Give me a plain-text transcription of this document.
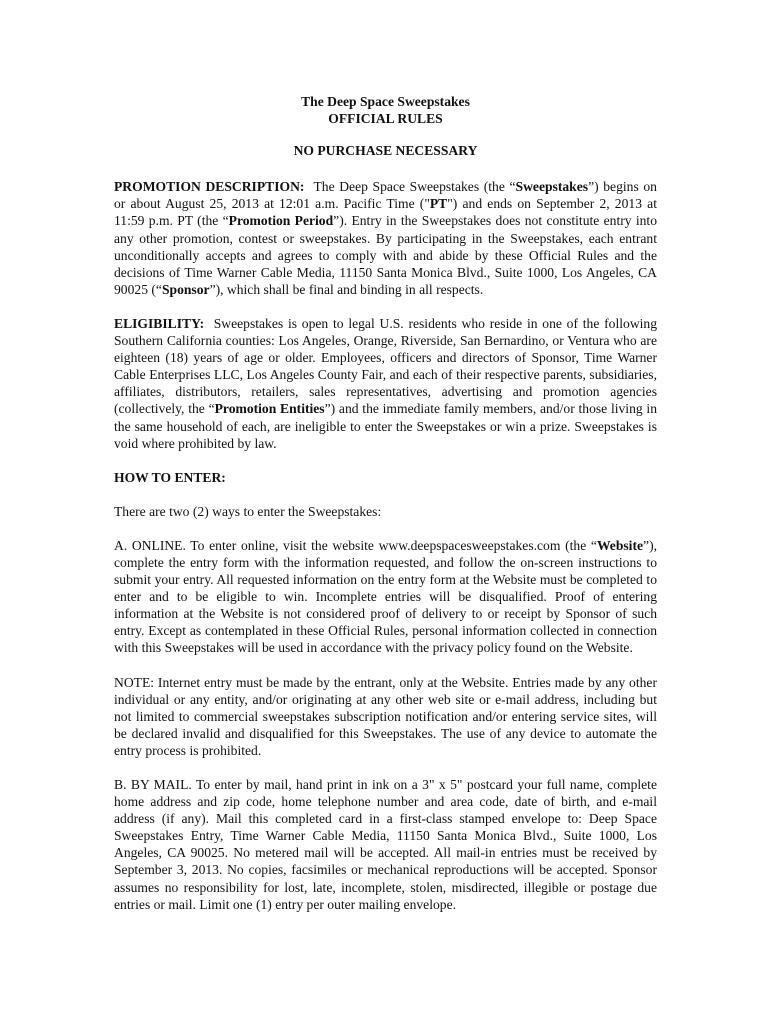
The Deep Space Sweepstakes
OFFICIAL RULES
NO PURCHASE NECESSARY

PROMOTION DESCRIPTION: The Deep Space Sweepstakes (the “Sweepstakes”) begins on or about August 25, 2013 at 12:01 a.m. Pacific Time ("PT") and ends on September 2, 2013 at 11:59 p.m. PT (the “Promotion Period”). Entry in the Sweepstakes does not constitute entry into any other promotion, contest or sweepstakes. By participating in the Sweepstakes, each entrant unconditionally accepts and agrees to comply with and abide by these Official Rules and the decisions of Time Warner Cable Media, 11150 Santa Monica Blvd., Suite 1000, Los Angeles, CA 90025 (“Sponsor”), which shall be final and binding in all respects.

ELIGIBILITY: Sweepstakes is open to legal U.S. residents who reside in one of the following Southern California counties: Los Angeles, Orange, Riverside, San Bernardino, or Ventura who are eighteen (18) years of age or older. Employees, officers and directors of Sponsor, Time Warner Cable Enterprises LLC, Los Angeles County Fair, and each of their respective parents, subsidiaries, affiliates, distributors, retailers, sales representatives, advertising and promotion agencies (collectively, the “Promotion Entities”) and the immediate family members, and/or those living in the same household of each, are ineligible to enter the Sweepstakes or win a prize. Sweepstakes is void where prohibited by law.

HOW TO ENTER:

There are two (2) ways to enter the Sweepstakes:

A. ONLINE. To enter online, visit the website www.deepspacesweepstakes.com (the “Website”), complete the entry form with the information requested, and follow the on-screen instructions to submit your entry. All requested information on the entry form at the Website must be completed to enter and to be eligible to win. Incomplete entries will be disqualified. Proof of entering information at the Website is not considered proof of delivery to or receipt by Sponsor of such entry. Except as contemplated in these Official Rules, personal information collected in connection with this Sweepstakes will be used in accordance with the privacy policy found on the Website.

NOTE: Internet entry must be made by the entrant, only at the Website. Entries made by any other individual or any entity, and/or originating at any other web site or e-mail address, including but not limited to commercial sweepstakes subscription notification and/or entering service sites, will be declared invalid and disqualified for this Sweepstakes. The use of any device to automate the entry process is prohibited.

B. BY MAIL. To enter by mail, hand print in ink on a 3" x 5" postcard your full name, complete home address and zip code, home telephone number and area code, date of birth, and e-mail address (if any). Mail this completed card in a first-class stamped envelope to: Deep Space Sweepstakes Entry, Time Warner Cable Media, 11150 Santa Monica Blvd., Suite 1000, Los Angeles, CA 90025. No metered mail will be accepted. All mail-in entries must be received by September 3, 2013. No copies, facsimiles or mechanical reproductions will be accepted. Sponsor assumes no responsibility for lost, late, incomplete, stolen, misdirected, illegible or postage due entries or mail. Limit one (1) entry per outer mailing envelope.
